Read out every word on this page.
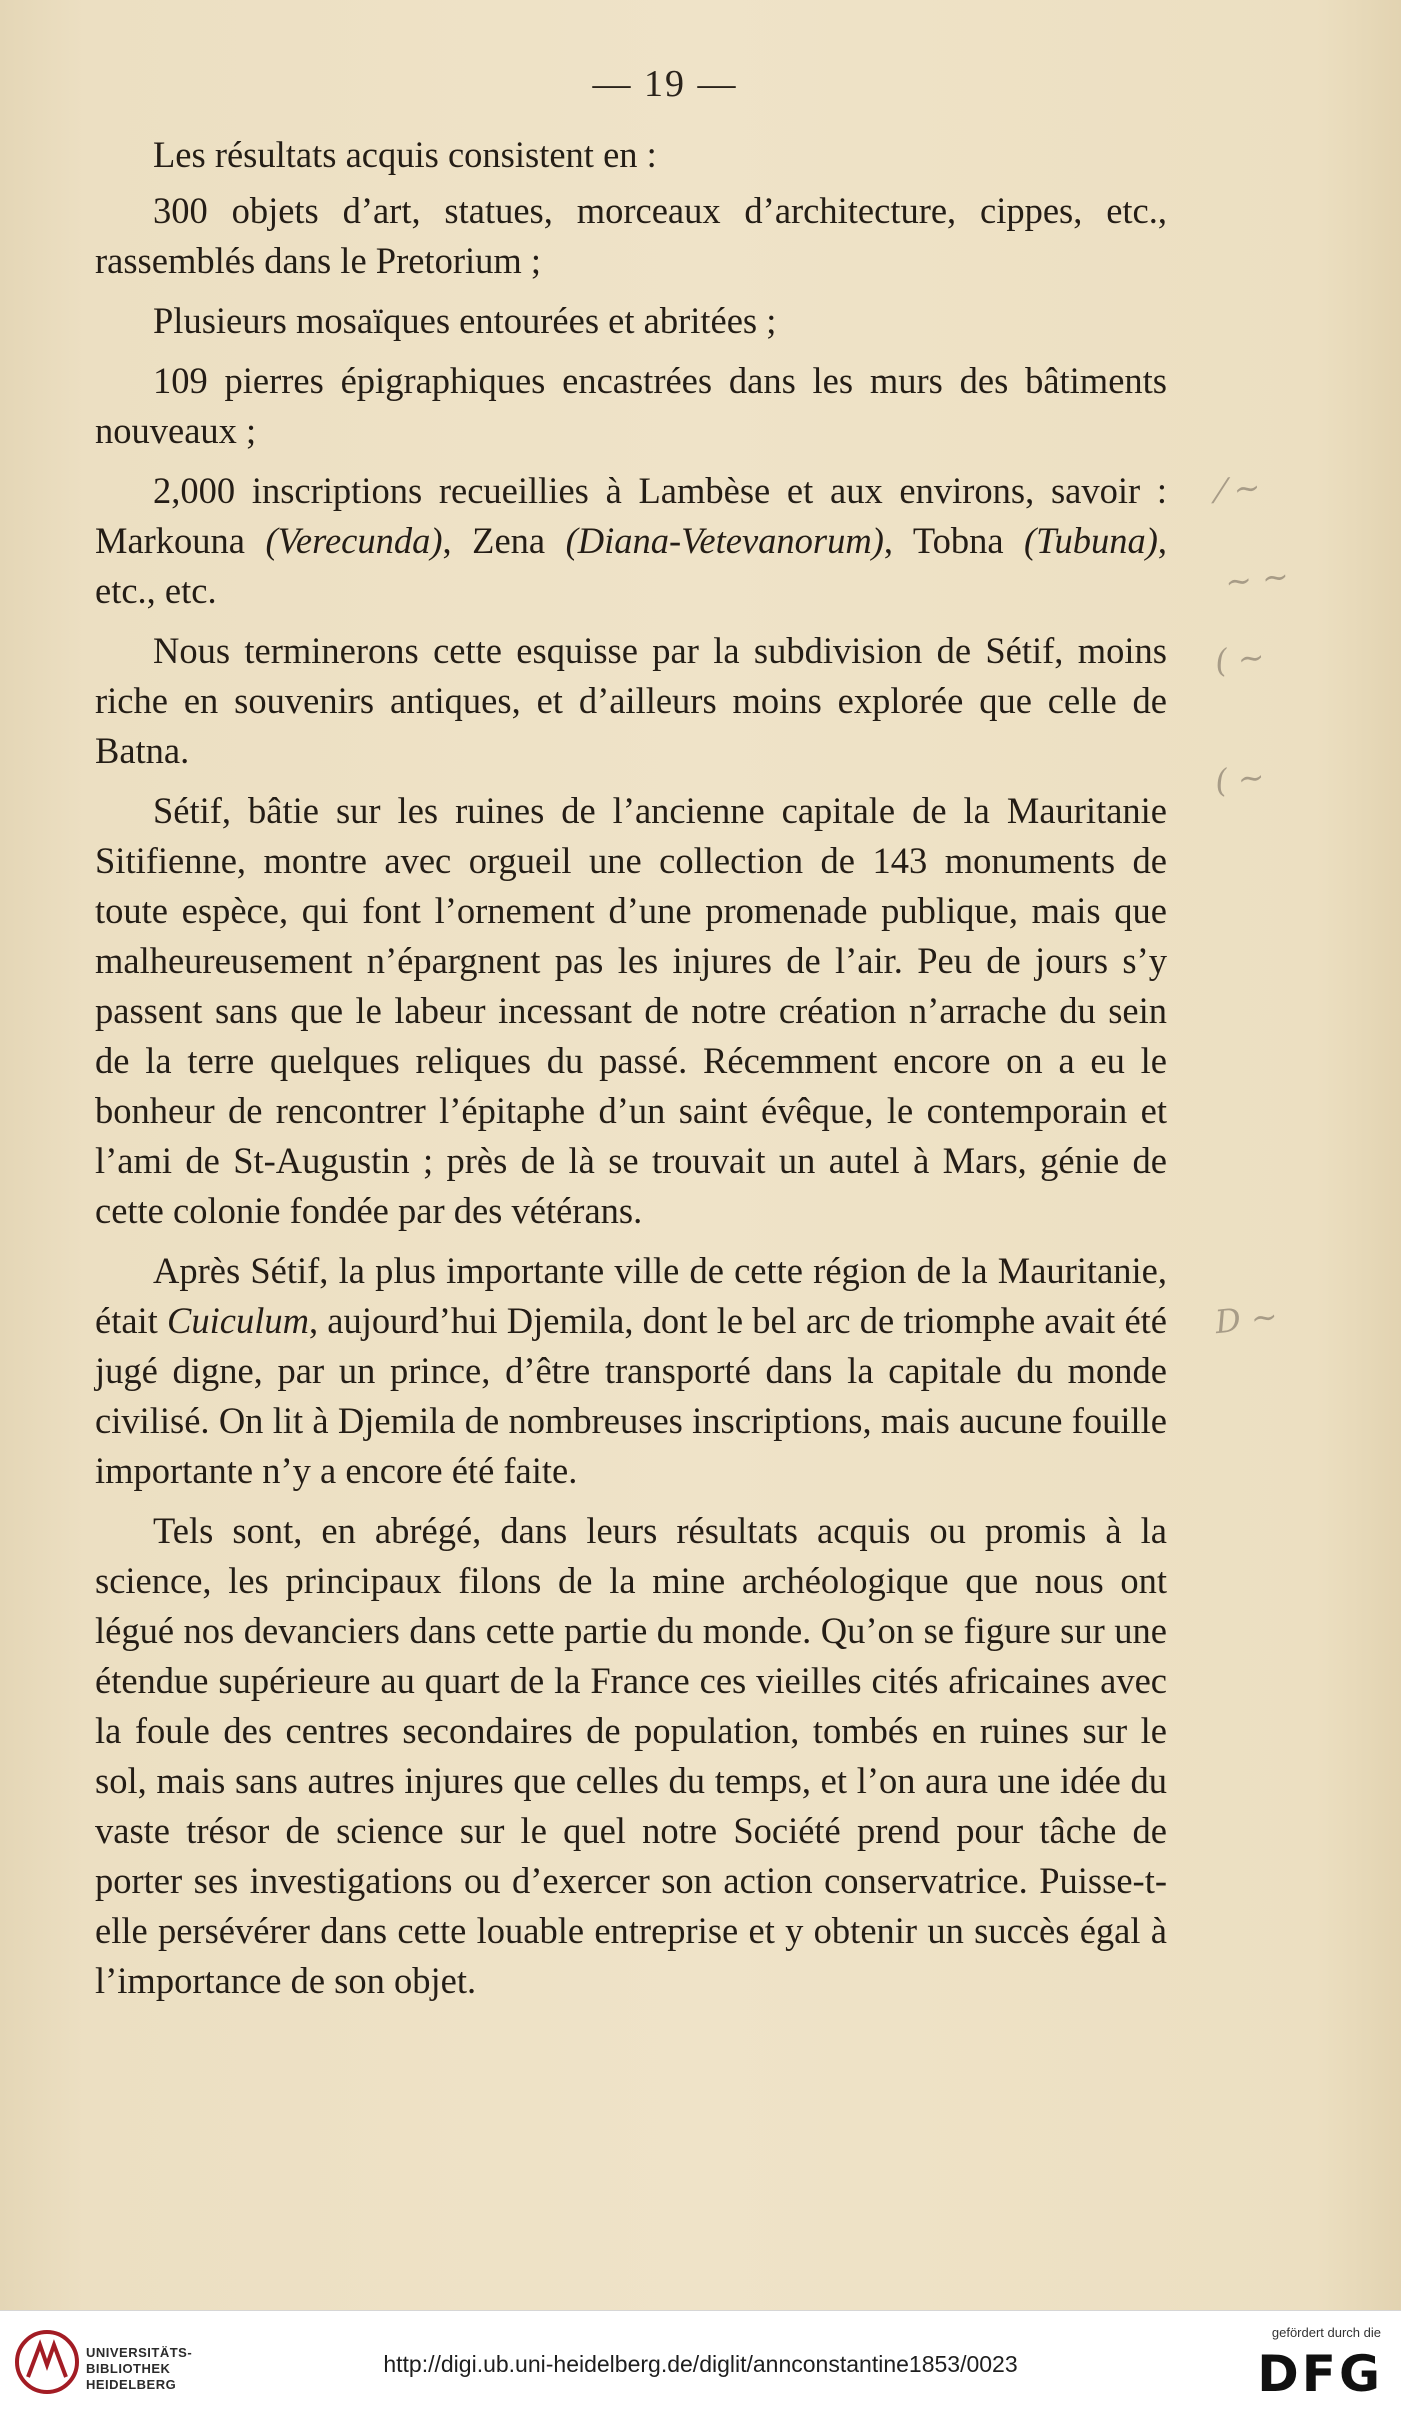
— 19 —

Les résultats acquis consistent en :

300 objets d’art, statues, morceaux d’architecture, cippes, etc., rassemblés dans le Pretorium ;

Plusieurs mosaïques entourées et abritées ;

109 pierres épigraphiques encastrées dans les murs des bâtiments nouveaux ;

2,000 inscriptions recueillies à Lambèse et aux environs, savoir : Markouna (Verecunda), Zena (Diana-Vetevanorum), Tobna (Tubuna), etc., etc.

Nous terminerons cette esquisse par la subdivision de Sétif, moins riche en souvenirs antiques, et d’ailleurs moins explorée que celle de Batna.

Sétif, bâtie sur les ruines de l’ancienne capitale de la Mauritanie Sitifienne, montre avec orgueil une collection de 143 monuments de toute espèce, qui font l’ornement d’une promenade publique, mais que malheureusement n’épargnent pas les injures de l’air. Peu de jours s’y passent sans que le labeur incessant de notre création n’arrache du sein de la terre quelques reliques du passé. Récemment encore on a eu le bonheur de rencontrer l’épitaphe d’un saint évêque, le contemporain et l’ami de St-Augustin ; près de là se trouvait un autel à Mars, génie de cette colonie fondée par des vétérans.

Après Sétif, la plus importante ville de cette région de la Mauritanie, était Cuiculum, aujourd’hui Djemila, dont le bel arc de triomphe avait été jugé digne, par un prince, d’être transporté dans la capitale du monde civilisé. On lit à Djemila de nombreuses inscriptions, mais aucune fouille importante n’y a encore été faite.

Tels sont, en abrégé, dans leurs résultats acquis ou promis à la science, les principaux filons de la mine archéologique que nous ont légué nos devanciers dans cette partie du monde. Qu’on se figure sur une étendue supérieure au quart de la France ces vieilles cités africaines avec la foule des centres secondaires de population, tombés en ruines sur le sol, mais sans autres injures que celles du temps, et l’on aura une idée du vaste trésor de science sur le quel notre Société prend pour tâche de porter ses investigations ou d’exercer son action conservatrice. Puisse-t-elle persévérer dans cette louable entreprise et y obtenir un succès égal à l’importance de son objet.

⁄ ~
~ ∼
( ~
( ~
D ~
UNIVERSITÄTS-
BIBLIOTHEK
HEIDELBERG
http://digi.ub.uni-heidelberg.de/diglit/annconstantine1853/0023
gefördert durch die
DFG
